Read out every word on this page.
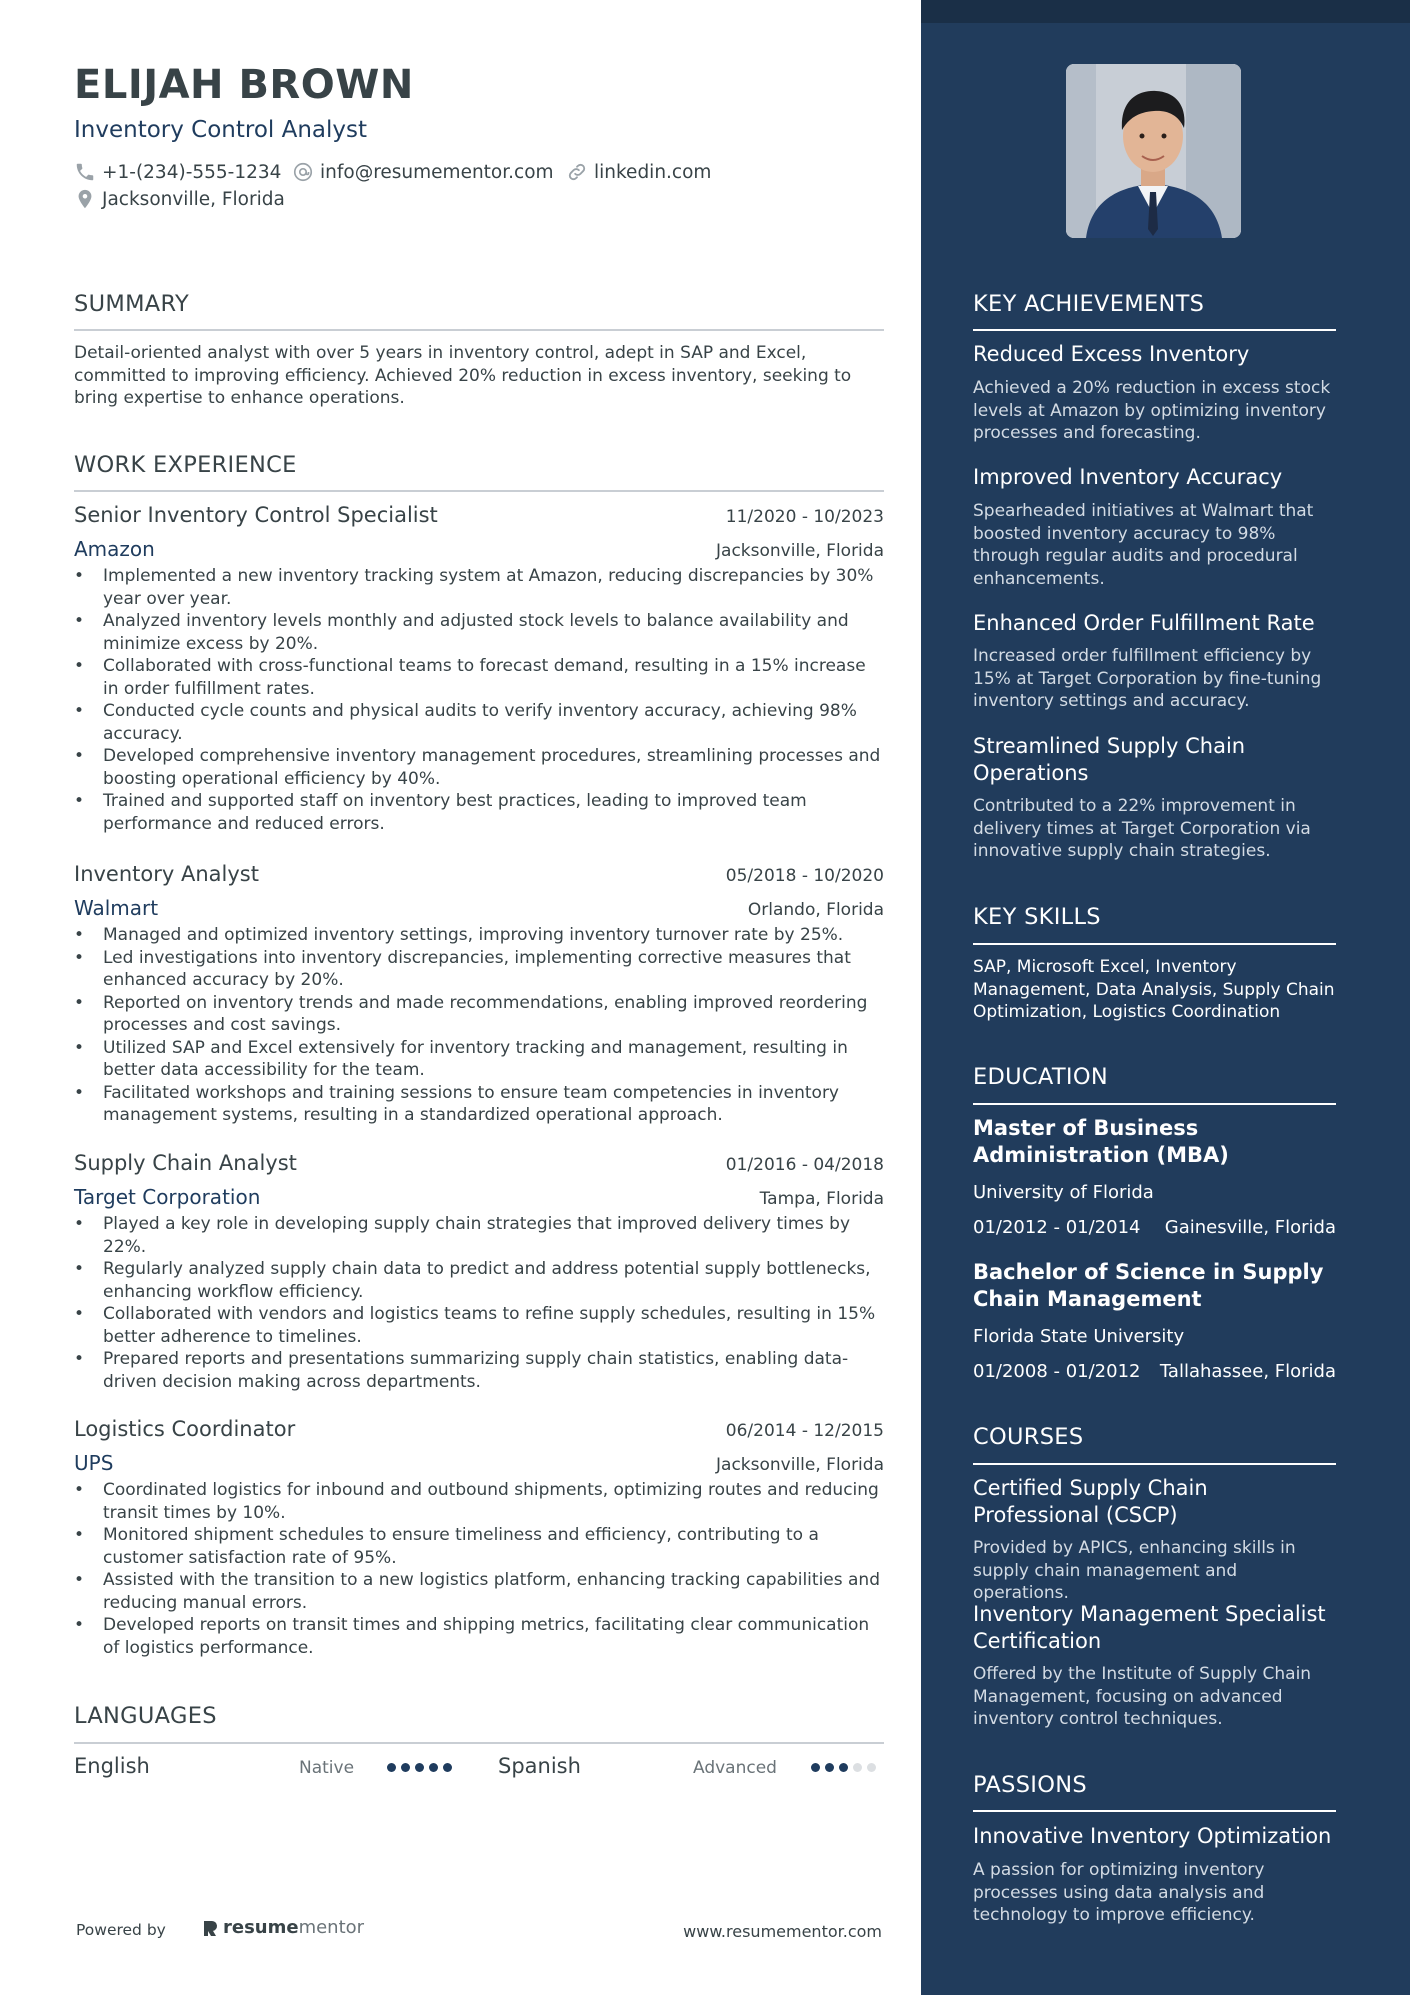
ELIJAH BROWN
Inventory Control Analyst
+1-(234)-555-1234 info@resumementor.com linkedin.com
Jacksonville, Florida
SUMMARY
Detail-oriented analyst with over 5 years in inventory control, adept in SAP and Excel, committed to improving efficiency. Achieved 20% reduction in excess inventory, seeking to bring expertise to enhance operations.
WORK EXPERIENCE
Senior Inventory Control Specialist	11/2020 - 10/2023
Amazon	Jacksonville, Florida
• Implemented a new inventory tracking system at Amazon, reducing discrepancies by 30% year over year.
• Analyzed inventory levels monthly and adjusted stock levels to balance availability and minimize excess by 20%.
• Collaborated with cross-functional teams to forecast demand, resulting in a 15% increase in order fulfillment rates.
• Conducted cycle counts and physical audits to verify inventory accuracy, achieving 98% accuracy.
• Developed comprehensive inventory management procedures, streamlining processes and boosting operational efficiency by 40%.
• Trained and supported staff on inventory best practices, leading to improved team performance and reduced errors.
Inventory Analyst	05/2018 - 10/2020
Walmart	Orlando, Florida
• Managed and optimized inventory settings, improving inventory turnover rate by 25%.
• Led investigations into inventory discrepancies, implementing corrective measures that enhanced accuracy by 20%.
• Reported on inventory trends and made recommendations, enabling improved reordering processes and cost savings.
• Utilized SAP and Excel extensively for inventory tracking and management, resulting in better data accessibility for the team.
• Facilitated workshops and training sessions to ensure team competencies in inventory management systems, resulting in a standardized operational approach.
Supply Chain Analyst	01/2016 - 04/2018
Target Corporation	Tampa, Florida
• Played a key role in developing supply chain strategies that improved delivery times by 22%.
• Regularly analyzed supply chain data to predict and address potential supply bottlenecks, enhancing workflow efficiency.
• Collaborated with vendors and logistics teams to refine supply schedules, resulting in 15% better adherence to timelines.
• Prepared reports and presentations summarizing supply chain statistics, enabling data-driven decision making across departments.
Logistics Coordinator	06/2014 - 12/2015
UPS	Jacksonville, Florida
• Coordinated logistics for inbound and outbound shipments, optimizing routes and reducing transit times by 10%.
• Monitored shipment schedules to ensure timeliness and efficiency, contributing to a customer satisfaction rate of 95%.
• Assisted with the transition to a new logistics platform, enhancing tracking capabilities and reducing manual errors.
• Developed reports on transit times and shipping metrics, facilitating clear communication of logistics performance.
LANGUAGES
English	Native	Spanish	Advanced
Powered by	resume mentor	www.resumementor.com
KEY ACHIEVEMENTS
Reduced Excess Inventory
Achieved a 20% reduction in excess stock levels at Amazon by optimizing inventory processes and forecasting.
Improved Inventory Accuracy
Spearheaded initiatives at Walmart that boosted inventory accuracy to 98% through regular audits and procedural enhancements.
Enhanced Order Fulfillment Rate
Increased order fulfillment efficiency by 15% at Target Corporation by fine-tuning inventory settings and accuracy.
Streamlined Supply Chain Operations
Contributed to a 22% improvement in delivery times at Target Corporation via innovative supply chain strategies.
KEY SKILLS
SAP, Microsoft Excel, Inventory Management, Data Analysis, Supply Chain Optimization, Logistics Coordination
EDUCATION
Master of Business Administration (MBA)
University of Florida
01/2012 - 01/2014 Gainesville, Florida
Bachelor of Science in Supply Chain Management
Florida State University
01/2008 - 01/2012 Tallahassee, Florida
COURSES
Certified Supply Chain Professional (CSCP)
Provided by APICS, enhancing skills in supply chain management and operations.
Inventory Management Specialist Certification
Offered by the Institute of Supply Chain Management, focusing on advanced inventory control techniques.
PASSIONS
Innovative Inventory Optimization
A passion for optimizing inventory processes using data analysis and technology to improve efficiency.
